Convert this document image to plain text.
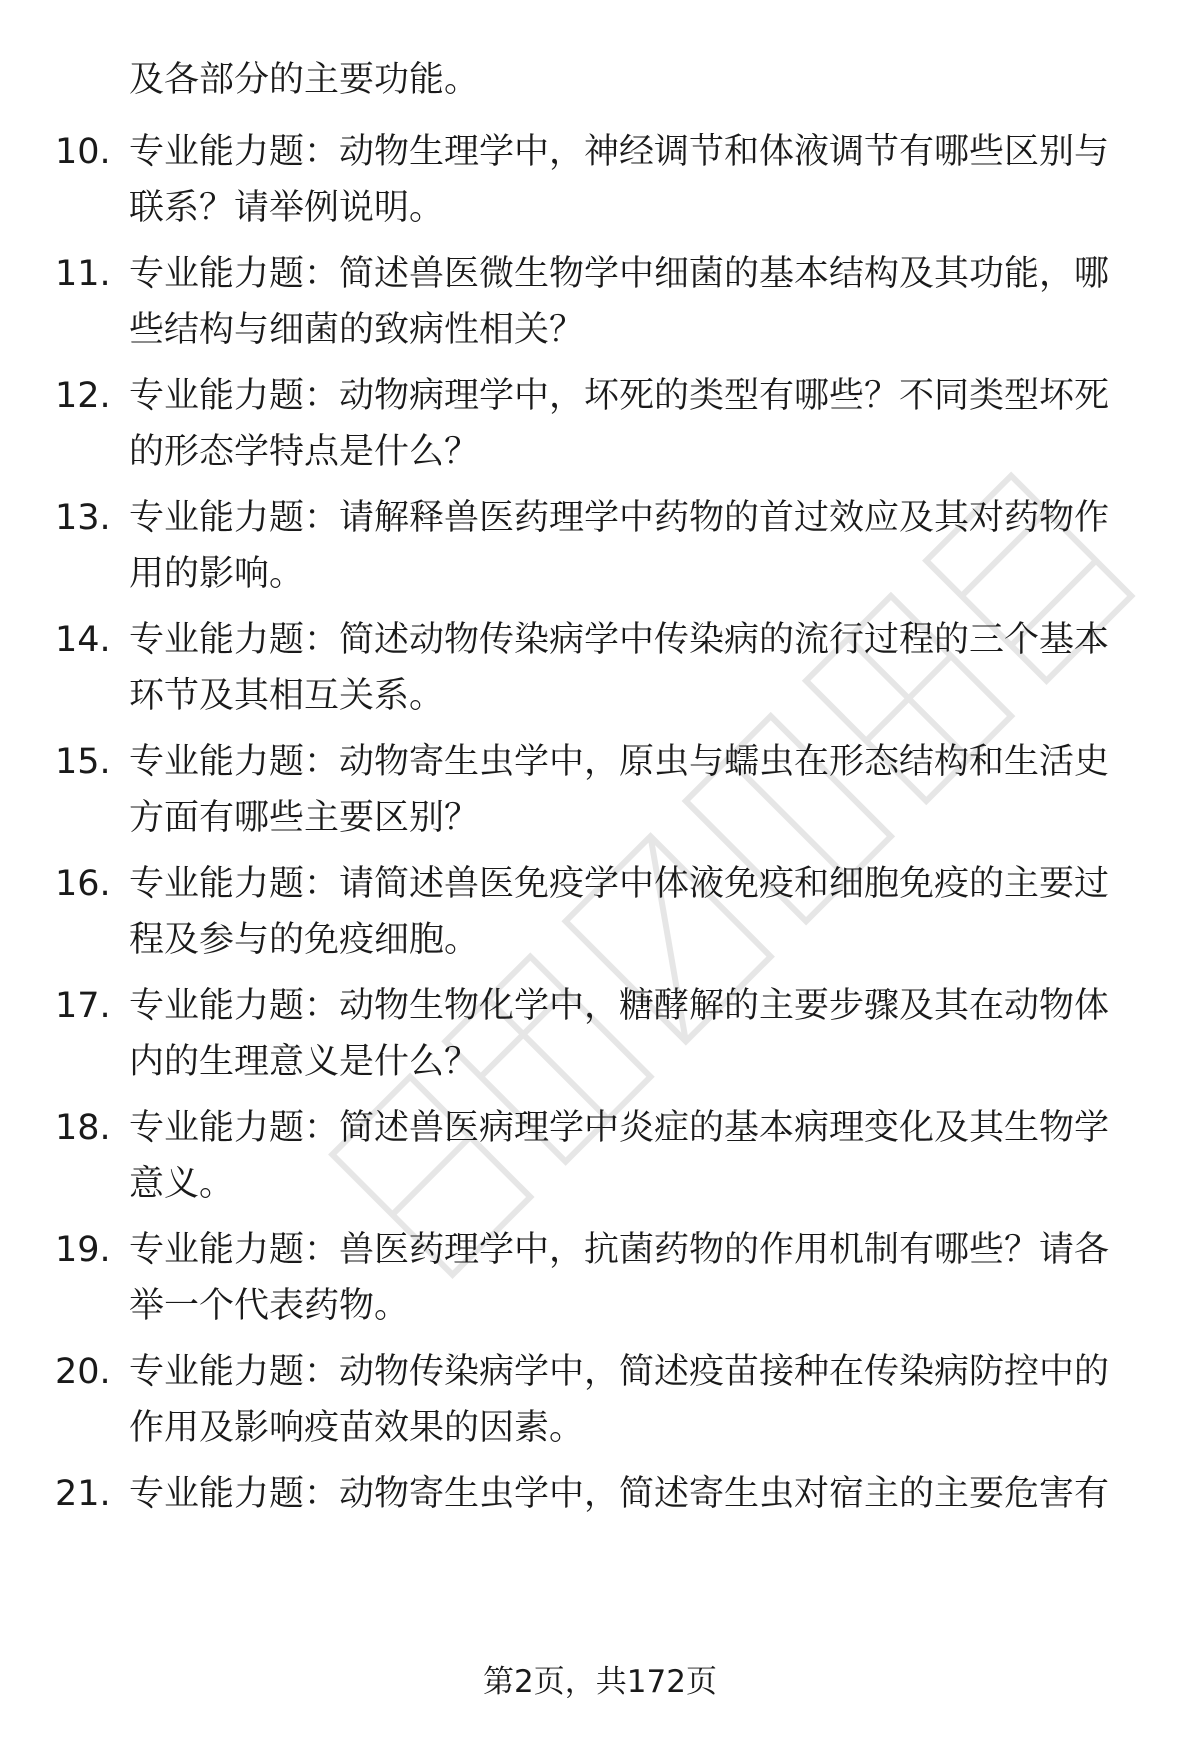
及各部分的主要功能。
10. 专业能力题：动物生理学中，神经调节和体液调节有哪些区别与
联系？请举例说明。
11. 专业能力题：简述兽医微生物学中细菌的基本结构及其功能，哪
些结构与细菌的致病性相关？
12. 专业能力题：动物病理学中，坏死的类型有哪些？不同类型坏死
的形态学特点是什么？
13. 专业能力题：请解释兽医药理学中药物的首过效应及其对药物作
用的影响。
14. 专业能力题：简述动物传染病学中传染病的流行过程的三个基本
环节及其相互关系。
15. 专业能力题：动物寄生虫学中，原虫与蠕虫在形态结构和生活史
方面有哪些主要区别？
16. 专业能力题：请简述兽医免疫学中体液免疫和细胞免疫的主要过
程及参与的免疫细胞。
17. 专业能力题：动物生物化学中，糖酵解的主要步骤及其在动物体
内的生理意义是什么？
18. 专业能力题：简述兽医病理学中炎症的基本病理变化及其生物学
意义。
19. 专业能力题：兽医药理学中，抗菌药物的作用机制有哪些？请各
举一个代表药物。
20. 专业能力题：动物传染病学中，简述疫苗接种在传染病防控中的
作用及影响疫苗效果的因素。
21. 专业能力题：动物寄生虫学中，简述寄生虫对宿主的主要危害有
第2页，共172页
